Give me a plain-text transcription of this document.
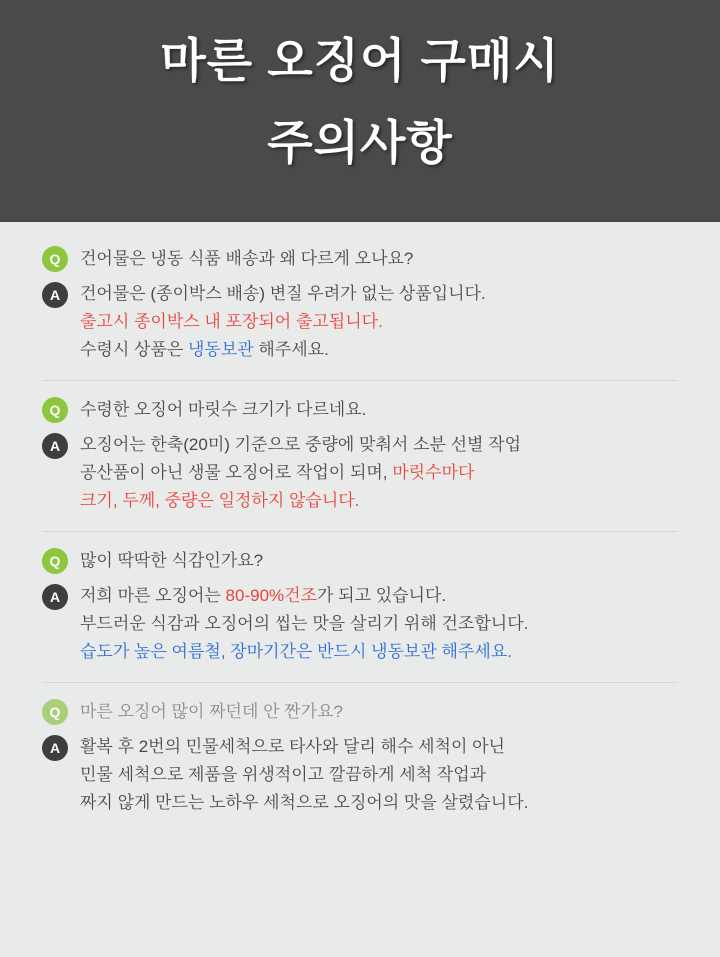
마른 오징어 구매시
주의사항
Q	건어물은 냉동 식품 배송과 왜 다르게 오나요?
A	건어물은 (종이박스 배송) 변질 우려가 없는 상품입니다.
출고시 종이박스 내 포장되어 출고됩니다.
수령시 상품은 냉동보관 해주세요.
Q	수령한 오징어 마릿수 크기가 다르네요.
A	오징어는 한축(20미) 기준으로 중량에 맞춰서 소분 선별 작업
공산품이 아닌 생물 오징어로 작업이 되며, 마릿수마다
크기, 두께, 중량은 일정하지 않습니다.
Q	많이 딱딱한 식감인가요?
A	저희 마른 오징어는 80-90%건조가 되고 있습니다.
부드러운 식감과 오징어의 씹는 맛을 살리기 위해 건조합니다.
습도가 높은 여름철, 장마기간은 반드시 냉동보관 해주세요.
Q	마른 오징어 많이 짜던데 안 짠가요?
A	활복 후 2번의 민물세척으로 타사와 달리 해수 세척이 아닌
민물 세척으로 제품을 위생적이고 깔끔하게 세척 작업과
짜지 않게 만드는 노하우 세척으로 오징어의 맛을 살렸습니다.
